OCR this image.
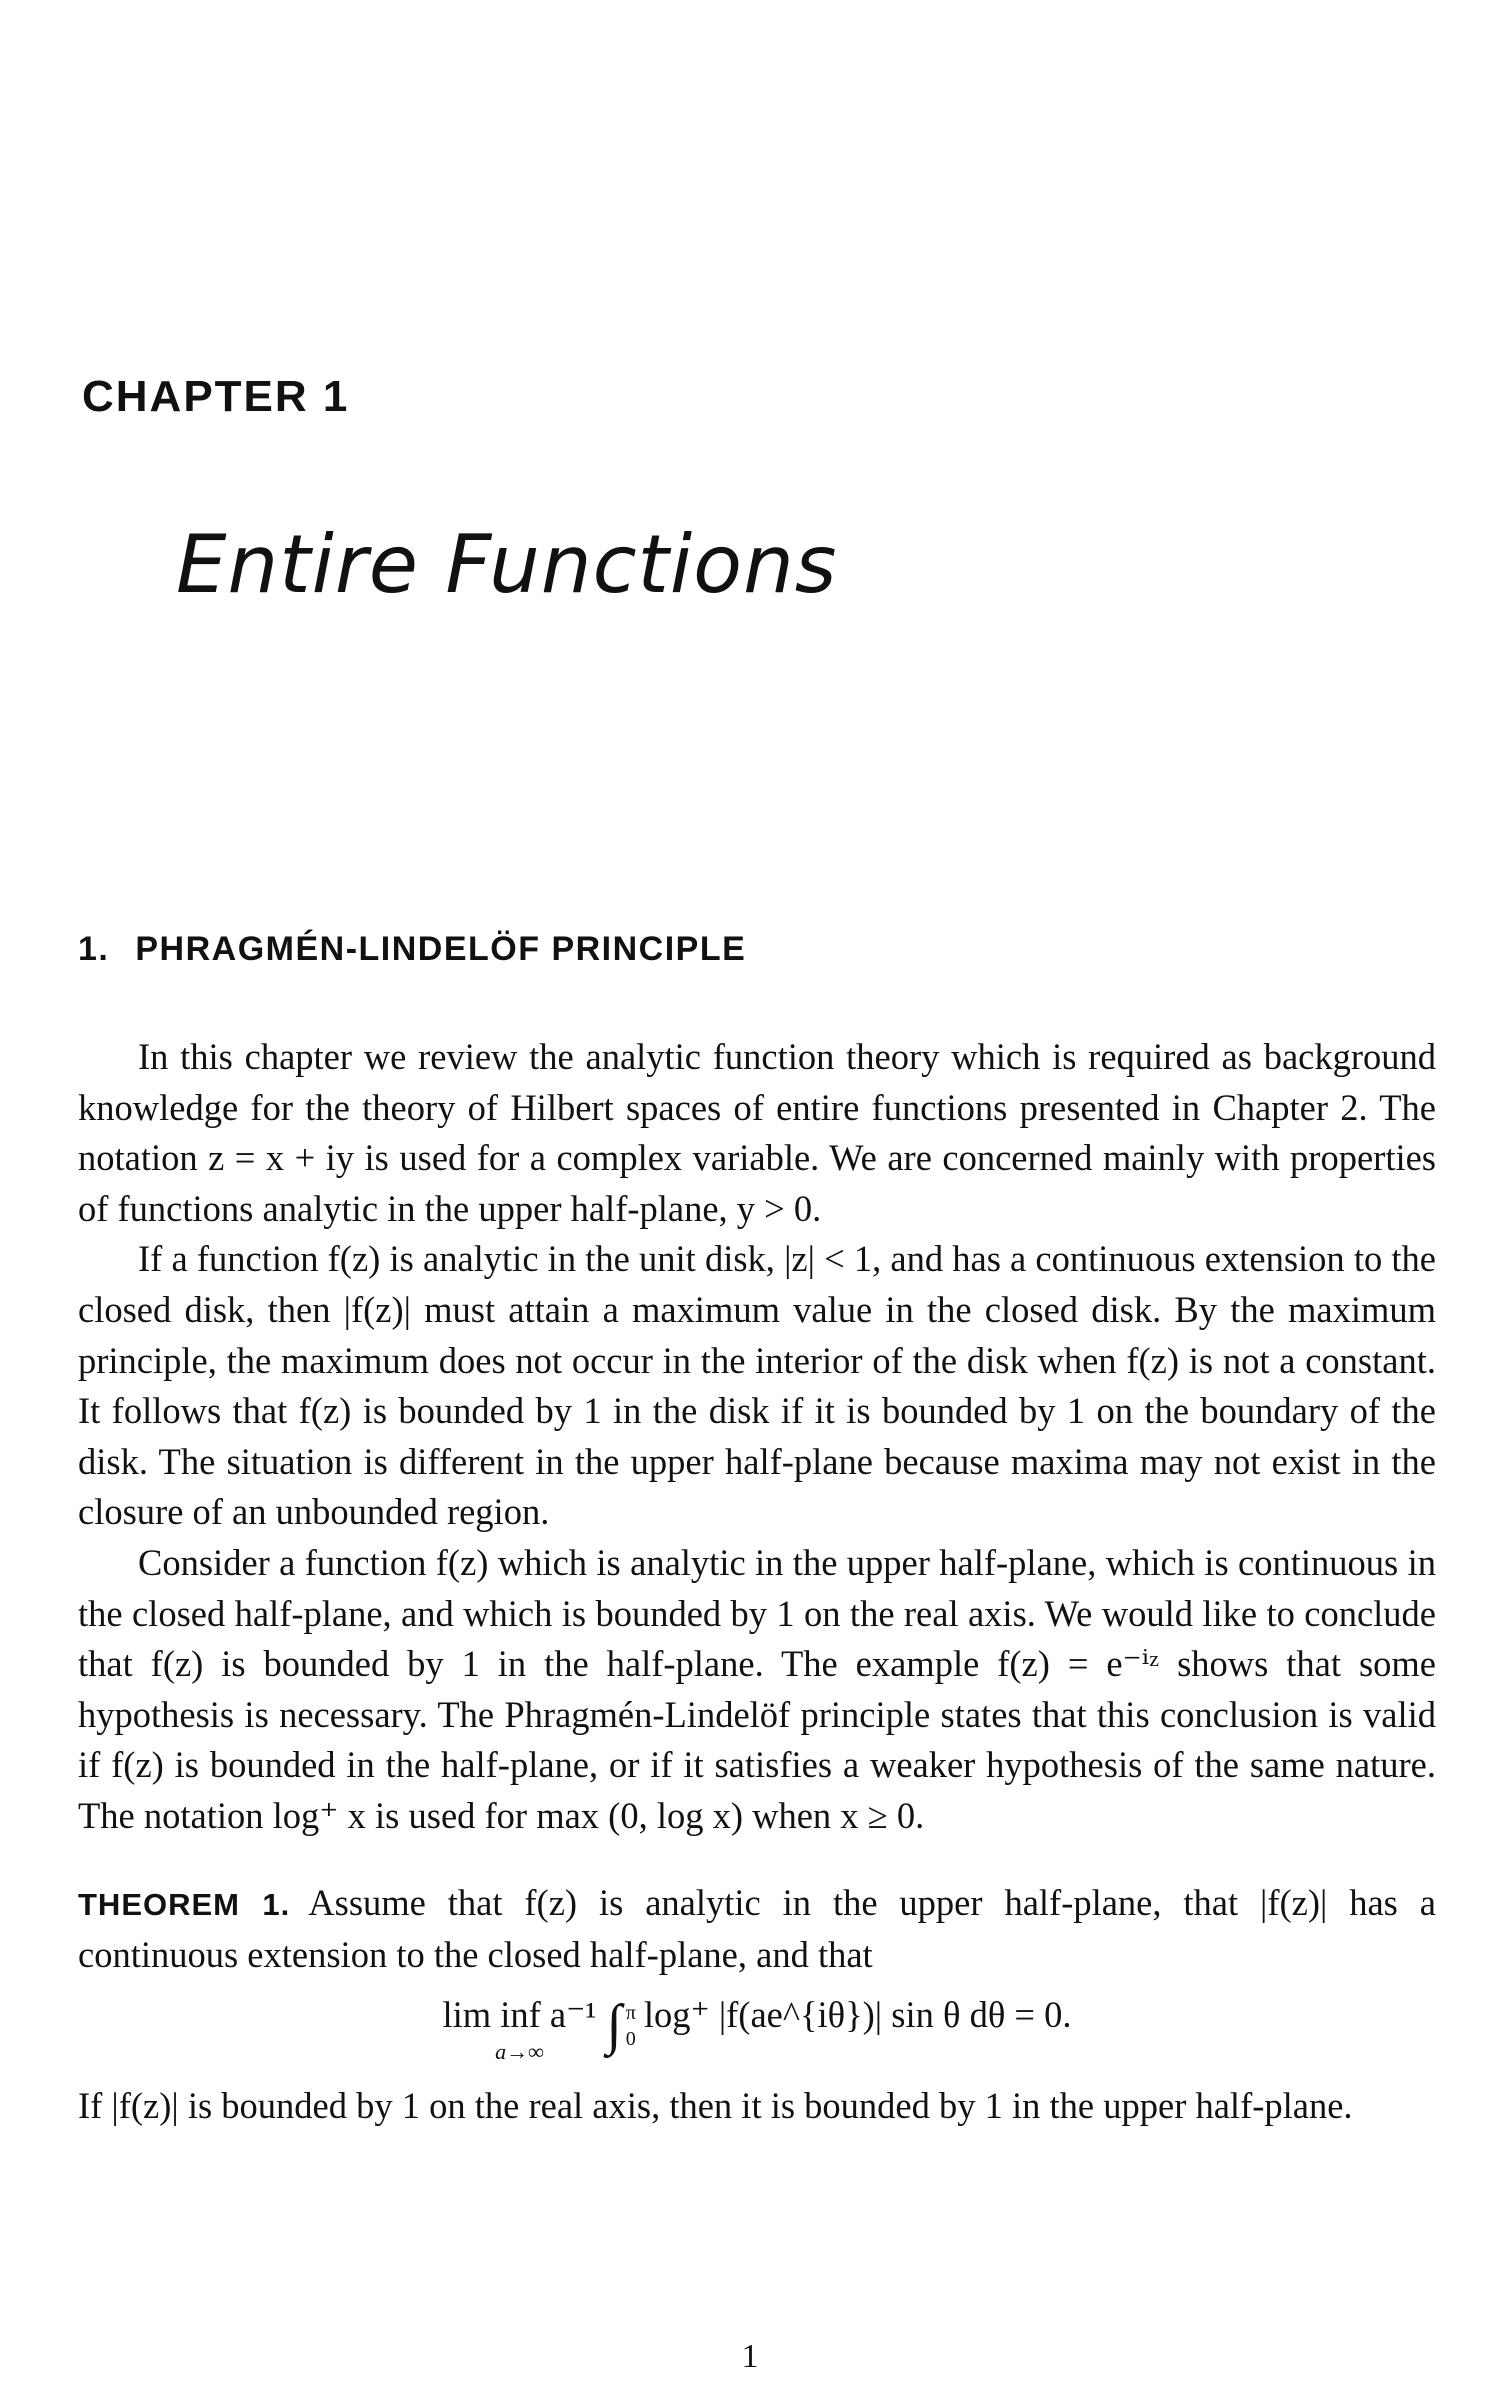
CHAPTER 1
Entire Functions
1. PHRAGMÉN-LINDELÖF PRINCIPLE

In this chapter we review the analytic function theory which is required as background knowledge for the theory of Hilbert spaces of entire functions presented in Chapter 2. The notation z = x + iy is used for a complex variable. We are concerned mainly with properties of functions analytic in the upper half-plane, y > 0.

If a function f(z) is analytic in the unit disk, |z| < 1, and has a continuous extension to the closed disk, then |f(z)| must attain a maximum value in the closed disk. By the maximum principle, the maximum does not occur in the interior of the disk when f(z) is not a constant. It follows that f(z) is bounded by 1 in the disk if it is bounded by 1 on the boundary of the disk. The situation is different in the upper half-plane because maxima may not exist in the closure of an unbounded region.

Consider a function f(z) which is analytic in the upper half-plane, which is continuous in the closed half-plane, and which is bounded by 1 on the real axis. We would like to conclude that f(z) is bounded by 1 in the half-plane. The example f(z) = e⁻ⁱᶻ shows that some hypothesis is necessary. The Phragmén-Lindelöf principle states that this conclusion is valid if f(z) is bounded in the half-plane, or if it satisfies a weaker hypothesis of the same nature. The notation log⁺ x is used for max (0, log x) when x ≥ 0.

THEOREM 1. Assume that f(z) is analytic in the upper half-plane, that |f(z)| has a continuous extension to the closed half-plane, and that

lim inf a⁻¹
a→∞	∫ π
0
log⁺ |f(ae^{iθ})| sin θ dθ = 0.

If |f(z)| is bounded by 1 on the real axis, then it is bounded by 1 in the upper half-plane.

1
